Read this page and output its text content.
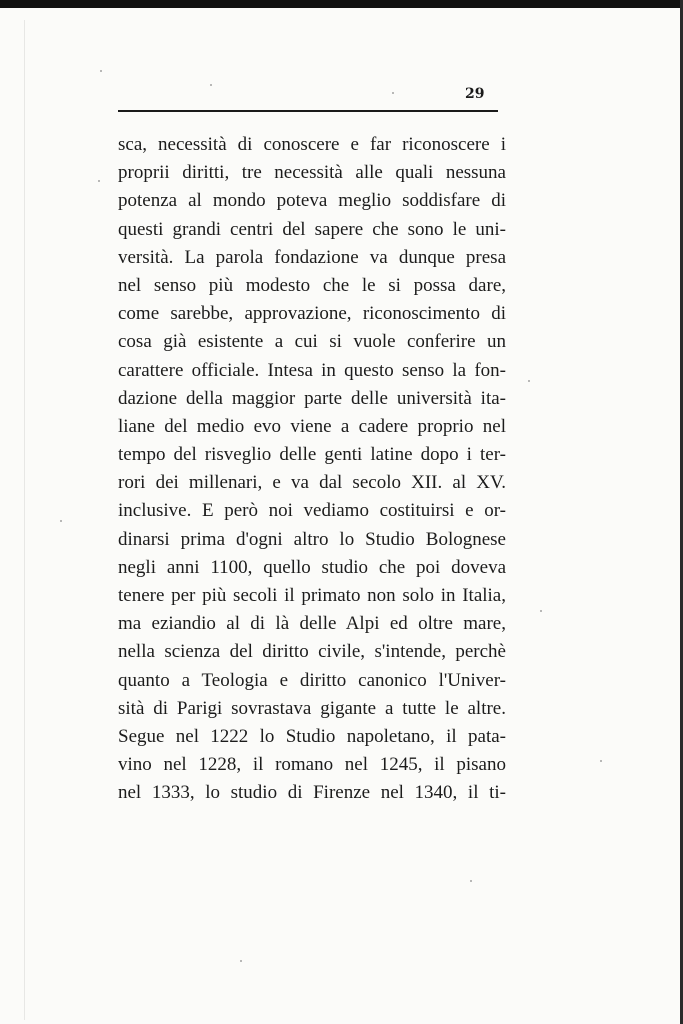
29
sca, necessità di conoscere e far riconoscere i
proprii diritti, tre necessità alle quali nessuna
potenza al mondo poteva meglio soddisfare di
questi grandi centri del sapere che sono le uni-
versità. La parola fondazione va dunque presa
nel senso più modesto che le si possa dare,
come sarebbe, approvazione, riconoscimento di
cosa già esistente a cui si vuole conferire un
carattere officiale. Intesa in questo senso la fon-
dazione della maggior parte delle università ita-
liane del medio evo viene a cadere proprio nel
tempo del risveglio delle genti latine dopo i ter-
rori dei millenari, e va dal secolo XII. al XV.
inclusive. E però noi vediamo costituirsi e or-
dinarsi prima d'ogni altro lo Studio Bolognese
negli anni 1100, quello studio che poi doveva
tenere per più secoli il primato non solo in Italia,
ma eziandio al di là delle Alpi ed oltre mare,
nella scienza del diritto civile, s'intende, perchè
quanto a Teologia e diritto canonico l'Univer-
sità di Parigi sovrastava gigante a tutte le altre.
Segue nel 1222 lo Studio napoletano, il pata-
vino nel 1228, il romano nel 1245, il pisano
nel 1333, lo studio di Firenze nel 1340, il ti-
